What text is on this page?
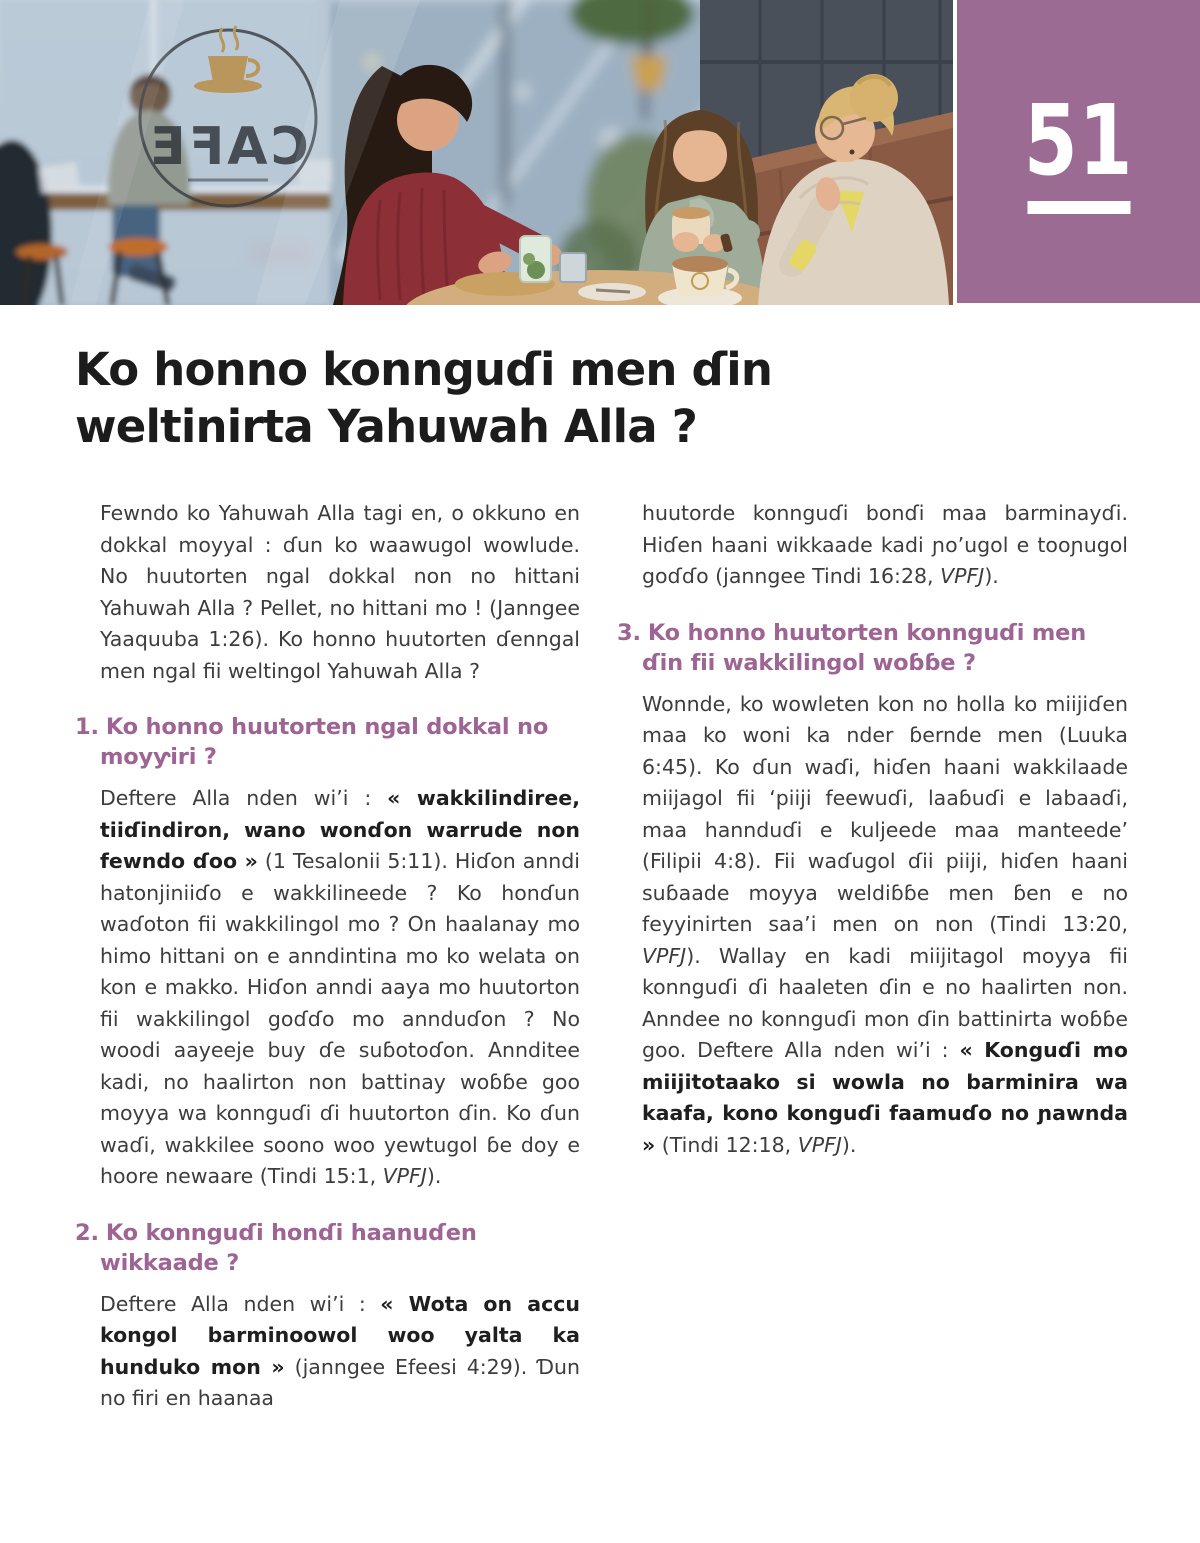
CAFE	51
Ko honno konnguɗi men ɗin weltinirta Yahuwah Alla ?

Fewndo ko Yahuwah Alla tagi en, o okkuno en dokkal moyyal : ɗun ko waawugol wowlude. No huutorten ngal dokkal non no hittani Yahuwah Alla ? Pellet, no hittani mo ! (Janngee Yaaquuba 1:26). Ko honno huutorten ɗenngal men ngal fii weltingol Yahuwah Alla ?

1. Ko honno huutorten ngal dokkal no moyƴiri ?

Deftere Alla nden wi’i : « wakkilindiree, tiiɗindiron, wano wonɗon warrude non fewndo ɗoo » (1 Tesalonii 5:11). Hiɗon anndi hatonjiniiɗo e wakkilineede ? Ko honɗun waɗoton fii wakkilingol mo ? On haalanay mo himo hittani on e anndintina mo ko welata on kon e makko. Hiɗon anndi aaya mo huutorton fii wakkilingol goɗɗo mo annduɗon ? No woodi aayeeje buy ɗe suɓotoɗon. Annditee kadi, no haalirton non battinay woɓɓe goo moyya wa konnguɗi ɗi huutorton ɗin. Ko ɗun waɗi, wakkilee soono woo yewtugol ɓe doy e hoore newaare (Tindi 15:1, VPFJ).

2. Ko konnguɗi honɗi haanuɗen wikkaade ?

Deftere Alla nden wi’i : « Wota on accu kongol barminoowol woo yalta ka hunduko mon » (janngee Efeesi 4:29). Ɗun no firi en haanaa

huutorde konnguɗi bonɗi maa barminayɗi. Hiɗen haani wikkaade kadi ɲo’ugol e tooɲugol goɗɗo (janngee Tindi 16:28, VPFJ).

3. Ko honno huutorten konnguɗi men ɗin fii wakkilingol woɓɓe ?

Wonnde, ko wowleten kon no holla ko miijiɗen maa ko woni ka nder ɓernde men (Luuka 6:45). Ko ɗun waɗi, hiɗen haani wakkilaade miijagol fii ‘piiji feewuɗi, laaɓuɗi e labaaɗi, maa hannduɗi e kuljeede maa manteede’ (Filipii 4:8). Fii waɗugol ɗii piiji, hiɗen haani suɓaade moyya weldiɓɓe men ɓen e no feyyinirten saa’i men on non (Tindi 13:20, VPFJ). Wallay en kadi miijitagol moyya fii konnguɗi ɗi haaleten ɗin e no haalirten non. Anndee no konnguɗi mon ɗin battinirta woɓɓe goo. Deftere Alla nden wi’i : « Konguɗi mo miijitotaako si wowla no barminira wa kaafa, kono konguɗi faamuɗo no ɲawnda » (Tindi 12:18, VPFJ).
